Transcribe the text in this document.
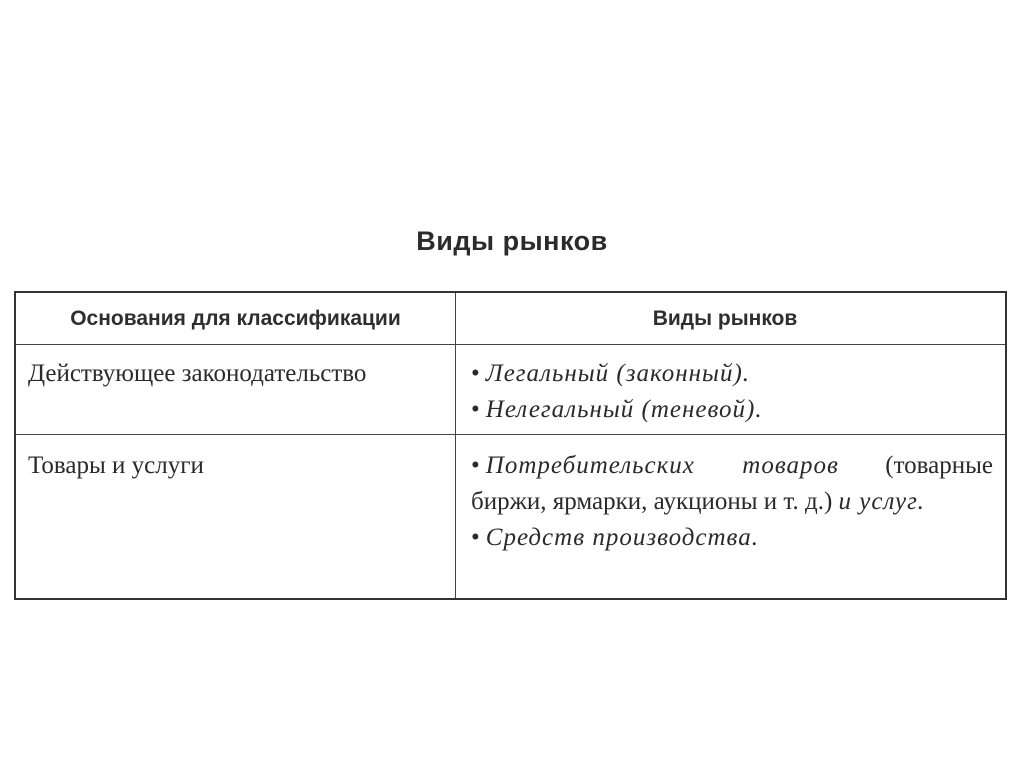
Виды рынков
Основания для классификации	Виды рынков
Действующее законодательство	• Легальный (законный).
• Нелегальный (теневой).
Товары и услуги	• Потребительских товаров (товарные биржи, ярмарки, аукционы и т. д.) и услуг.
• Средств производства.
